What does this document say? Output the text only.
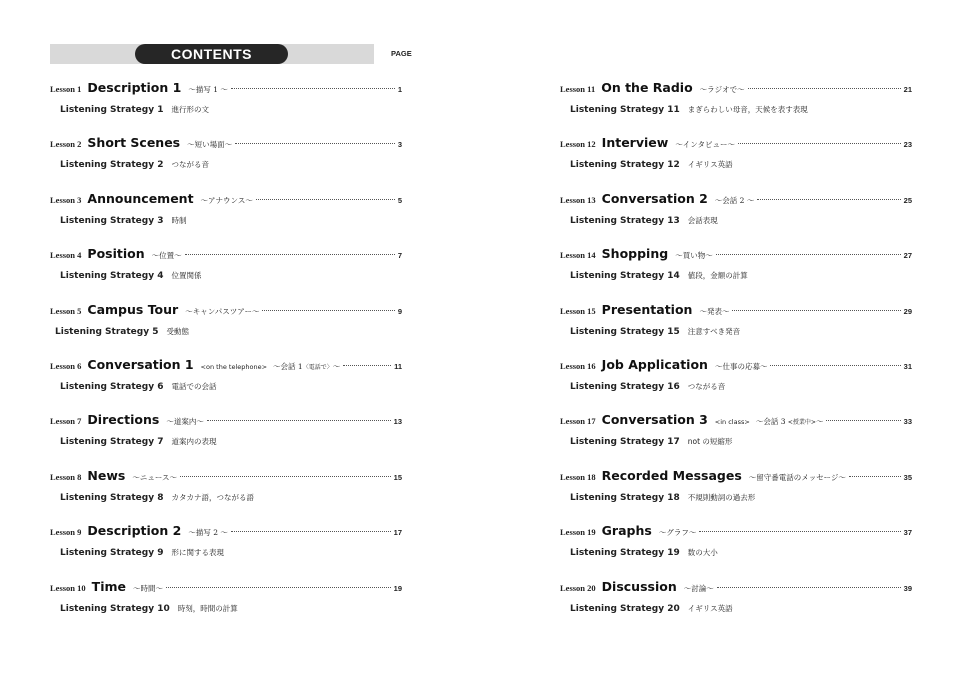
CONTENTS	PAGE
Lesson 1 Description 1 ～描写 1 ～	1
Listening Strategy 1 進行形の文
Lesson 2 Short Scenes ～短い場面～	3
Listening Strategy 2 つながる音
Lesson 3 Announcement ～アナウンス～	5
Listening Strategy 3 時制
Lesson 4 Position ～位置～	7
Listening Strategy 4 位置関係
Lesson 5 Campus Tour ～キャンパスツアー～	9
Listening Strategy 5 受動態
Lesson 6 Conversation 1 <on the telephone> ～会話 1〈電話で〉～	11
Listening Strategy 6 電話での会話
Lesson 7 Directions ～道案内～	13
Listening Strategy 7 道案内の表現
Lesson 8 News ～ニュース～	15
Listening Strategy 8 カタカナ語，つながる語
Lesson 9 Description 2 ～描写 2 ～	17
Listening Strategy 9 形に関する表現
Lesson 10 Time ～時間～	19
Listening Strategy 10 時刻，時間の計算
Lesson 11 On the Radio ～ラジオで～	21
Listening Strategy 11 まぎらわしい母音，天候を表す表現
Lesson 12 Interview ～インタビュー～	23
Listening Strategy 12 イギリス英語
Lesson 13 Conversation 2 ～会話 2 ～	25
Listening Strategy 13 会話表現
Lesson 14 Shopping ～買い物～	27
Listening Strategy 14 値段，金額の計算
Lesson 15 Presentation ～発表～	29
Listening Strategy 15 注意すべき発音
Lesson 16 Job Application ～仕事の応募～	31
Listening Strategy 16 つながる音
Lesson 17 Conversation 3 <in class> ～会話 3 <授業中>～	33
Listening Strategy 17 not の短縮形
Lesson 18 Recorded Messages ～留守番電話のメッセージ～	35
Listening Strategy 18 不規則動詞の過去形
Lesson 19 Graphs ～グラフ～	37
Listening Strategy 19 数の大小
Lesson 20 Discussion ～討論～	39
Listening Strategy 20 イギリス英語
